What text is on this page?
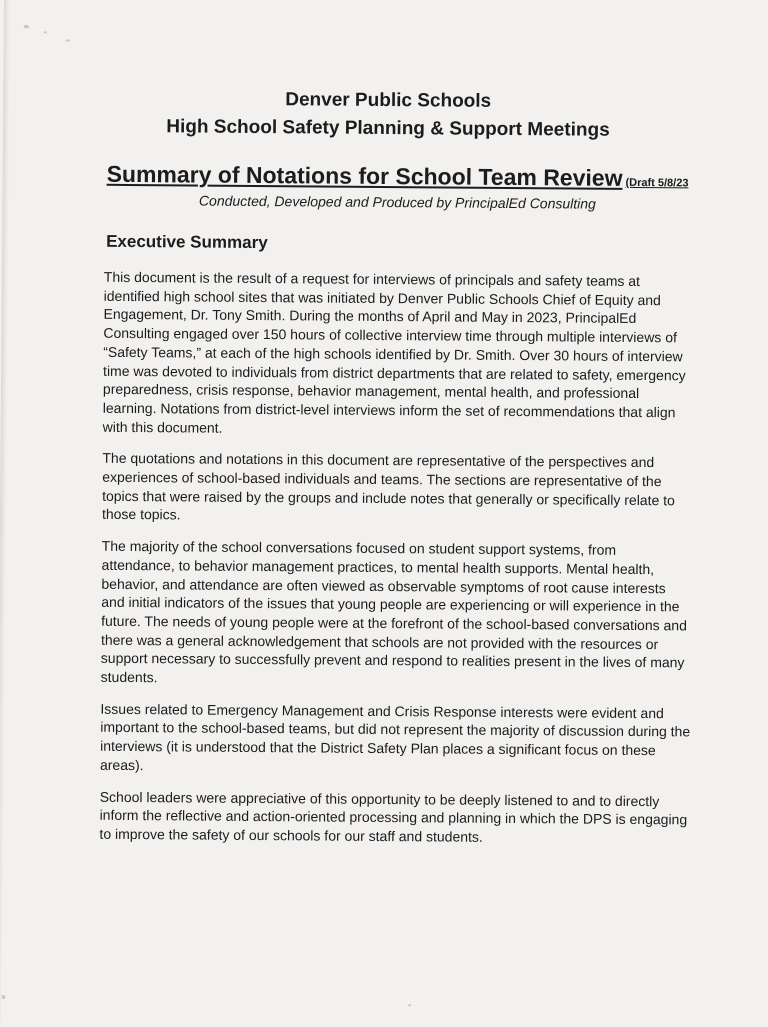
Denver Public Schools
High School Safety Planning & Support Meetings
Summary of Notations for School Team Review (Draft 5/8/23
Conducted, Developed and Produced by PrincipalEd Consulting
Executive Summary

This document is the result of a request for interviews of principals and safety teams at identified high school sites that was initiated by Denver Public Schools Chief of Equity and Engagement, Dr. Tony Smith. During the months of April and May in 2023, PrincipalEd Consulting engaged over 150 hours of collective interview time through multiple interviews of “Safety Teams,” at each of the high schools identified by Dr. Smith. Over 30 hours of interview time was devoted to individuals from district departments that are related to safety, emergency preparedness, crisis response, behavior management, mental health, and professional learning. Notations from district-level interviews inform the set of recommendations that align with this document.

The quotations and notations in this document are representative of the perspectives and experiences of school-based individuals and teams. The sections are representative of the topics that were raised by the groups and include notes that generally or specifically relate to those topics.

The majority of the school conversations focused on student support systems, from attendance, to behavior management practices, to mental health supports. Mental health, behavior, and attendance are often viewed as observable symptoms of root cause interests and initial indicators of the issues that young people are experiencing or will experience in the future. The needs of young people were at the forefront of the school-based conversations and there was a general acknowledgement that schools are not provided with the resources or support necessary to successfully prevent and respond to realities present in the lives of many students.

Issues related to Emergency Management and Crisis Response interests were evident and important to the school-based teams, but did not represent the majority of discussion during the interviews (it is understood that the District Safety Plan places a significant focus on these areas).

School leaders were appreciative of this opportunity to be deeply listened to and to directly inform the reflective and action-oriented processing and planning in which the DPS is engaging to improve the safety of our schools for our staff and students.
